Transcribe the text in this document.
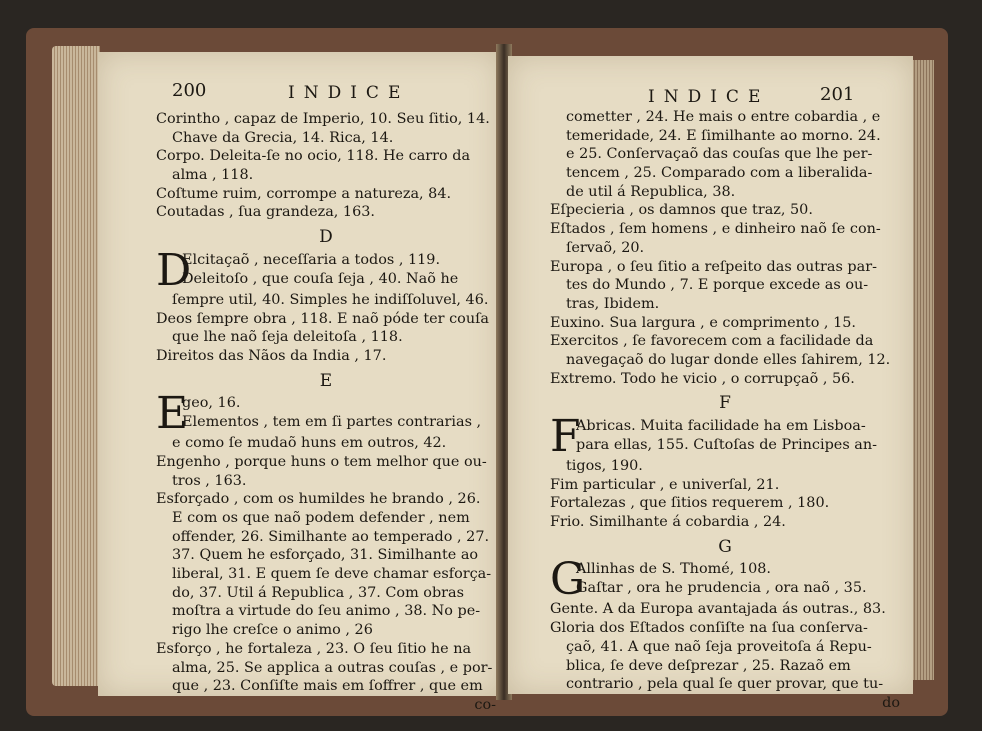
200	INDICE
Corintho , capaz de Imperio, 10. Seu ſitio, 14.
Chave da Grecia, 14. Rica, 14.
Corpo. Deleita-ſe no ocio, 118. He carro da
alma , 118.
Coſtume ruim, corrompe a natureza, 84.
Coutadas , ſua grandeza, 163.
D
D
Elcitaçaõ , neceſſaria a todos , 119.
Deleitoſo , que couſa ſeja , 40. Naõ he
ſempre util, 40. Simples he indiſſoluvel, 46.
Deos ſempre obra , 118. E naõ póde ter couſa
que lhe naõ ſeja deleitoſa , 118.
Direitos das Nãos da India , 17.
E
E
geo, 16.
Elementos , tem em ſi partes contrarias ,
e como ſe mudaõ huns em outros, 42.
Engenho , porque huns o tem melhor que ou-
tros , 163.
Esforçado , com os humildes he brando , 26.
E com os que naõ podem defender , nem
offender, 26. Similhante ao temperado , 27.
37. Quem he esforçado, 31. Similhante ao
liberal, 31. E quem ſe deve chamar esforça-
do, 37. Util á Republica , 37. Com obras
moſtra a virtude do ſeu animo , 38. No pe-
rigo lhe creſce o animo , 26
Esforço , he fortaleza , 23. O ſeu ſitio he na
alma, 25. Se applica a outras couſas , e por-
que , 23. Conſiſte mais em ſoffrer , que em
co-
INDICE	201
cometter , 24. He mais o entre cobardia , e
temeridade, 24. E ſimilhante ao morno. 24.
e 25. Conſervaçaõ das couſas que lhe per-
tencem , 25. Comparado com a liberalida-
de util á Republica, 38.
Eſpecieria , os damnos que traz, 50.
Eſtados , ſem homens , e dinheiro naõ ſe con-
ſervaõ, 20.
Europa , o ſeu ſitio a reſpeito das outras par-
tes do Mundo , 7. E porque excede as ou-
tras, Ibidem.
Euxino. Sua largura , e comprimento , 15.
Exercitos , ſe favorecem com a facilidade da
navegaçaõ do lugar donde elles ſahirem, 12.
Extremo. Todo he vicio , o corrupçaõ , 56.
F
F
Abricas. Muita facilidade ha em Lisboa-
para ellas, 155. Cuſtoſas de Principes an-
tigos, 190.
Fim particular , e univerſal, 21.
Fortalezas , que ſitios requerem , 180.
Frio. Similhante á cobardia , 24.
G
G
Allinhas de S. Thomé, 108.
Gaſtar , ora he prudencia , ora naõ , 35.
Gente. A da Europa avantajada ás outras., 83.
Gloria dos Eſtados conſiſte na ſua conſerva-
çaõ, 41. A que naõ ſeja proveitoſa á Repu-
blica, ſe deve deſprezar , 25. Razaõ em
contrario , pela qual ſe quer provar, que tu-
do
